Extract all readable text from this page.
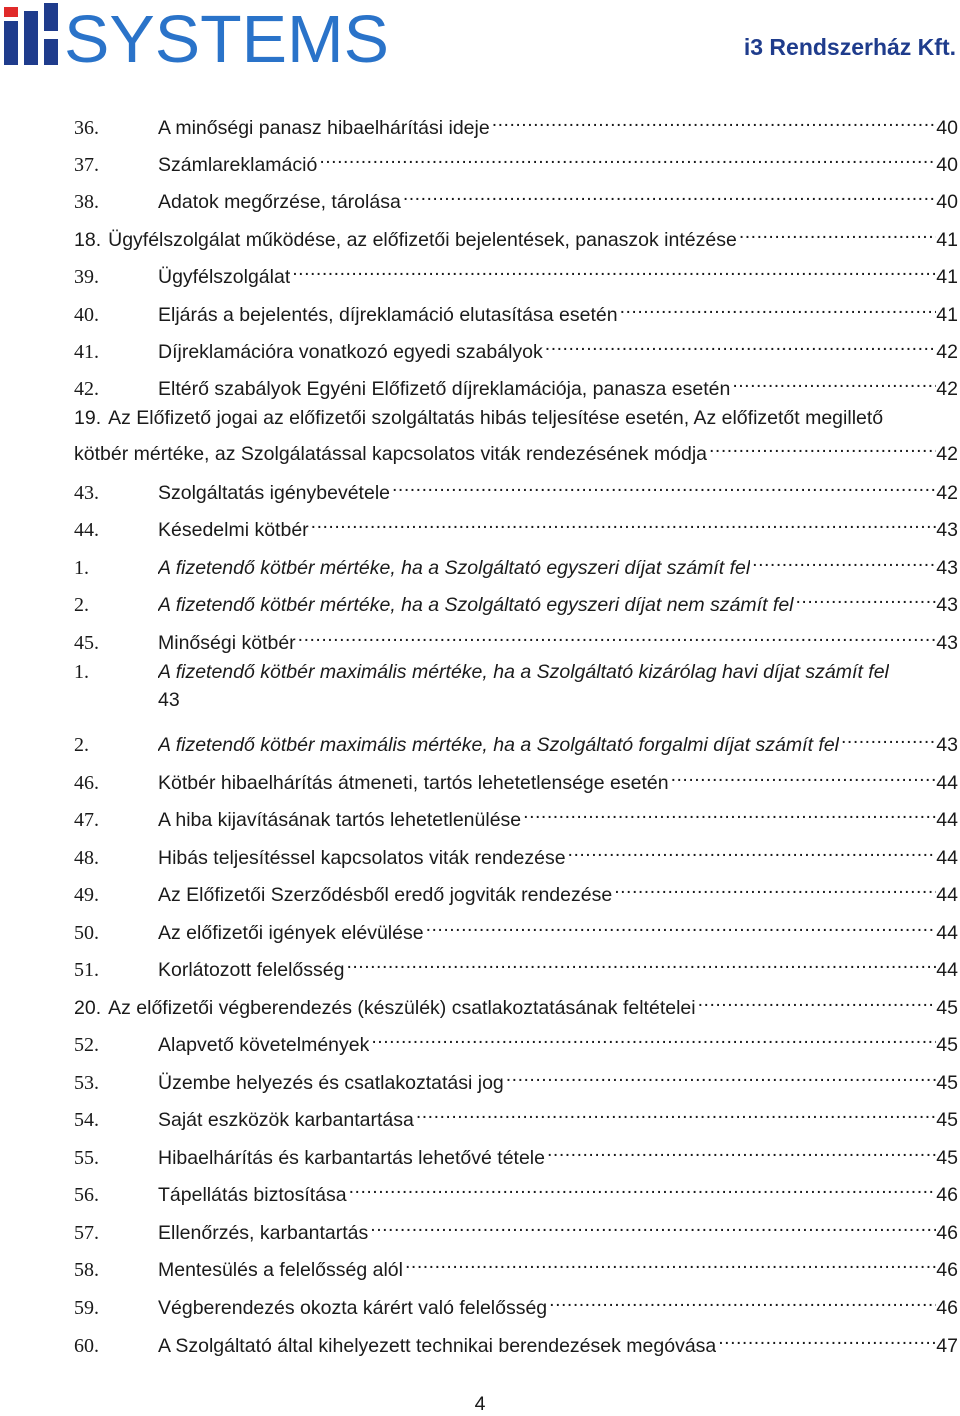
SYSTEMS	i3 Rendszerház Kft.
36.	A minőségi panasz hibaelhárítási ideje .....	40
37.	Számlareklamáció .....	40
38.	Adatok megőrzése, tárolása .....	40
18. Ügyfélszolgálat működése, az előfizetői bejelentések, panaszok intézése .....	41
39.	Ügyfélszolgálat .....	41
40.	Eljárás a bejelentés, díjreklamáció elutasítása esetén .....	41
41.	Díjreklamációra vonatkozó egyedi szabályok .....	42
42.	Eltérő szabályok Egyéni Előfizető díjreklamációja, panasza esetén .....	42
19. Az Előfizető jogai az előfizetői szolgáltatás hibás teljesítése esetén, Az előfizetőt megillető
kötbér mértéke, az Szolgálatással kapcsolatos viták rendezésének módja .....	42
43.	Szolgáltatás igénybevétele .....	42
44.	Késedelmi kötbér .....	43
1.	A fizetendő kötbér mértéke, ha a Szolgáltató egyszeri díjat számít fel .....	43
2.	A fizetendő kötbér mértéke, ha a Szolgáltató egyszeri díjat nem számít fel .....	43
45.	Minőségi kötbér .....	43
1.	A fizetendő kötbér maximális mértéke, ha a Szolgáltató kizárólag havi díjat számít fel
43
2.	A fizetendő kötbér maximális mértéke, ha a Szolgáltató forgalmi díjat számít fel .....	43
46.	Kötbér hibaelhárítás átmeneti, tartós lehetetlensége esetén .....	44
47.	A hiba kijavításának tartós lehetetlenülése .....	44
48.	Hibás teljesítéssel kapcsolatos viták rendezése .....	44
49.	Az Előfizetői Szerződésből eredő jogviták rendezése .....	44
50.	Az előfizetői igények elévülése .....	44
51.	Korlátozott felelősség .....	44
20. Az előfizetői végberendezés (készülék) csatlakoztatásának feltételei .....	45
52.	Alapvető követelmények .....	45
53.	Üzembe helyezés és csatlakoztatási jog .....	45
54.	Saját eszközök karbantartása .....	45
55.	Hibaelhárítás és karbantartás lehetővé tétele .....	45
56.	Tápellátás biztosítása .....	46
57.	Ellenőrzés, karbantartás .....	46
58.	Mentesülés a felelősség alól .....	46
59.	Végberendezés okozta kárért való felelősség .....	46
60.	A Szolgáltató által kihelyezett technikai berendezések megóvása .....	47
4
